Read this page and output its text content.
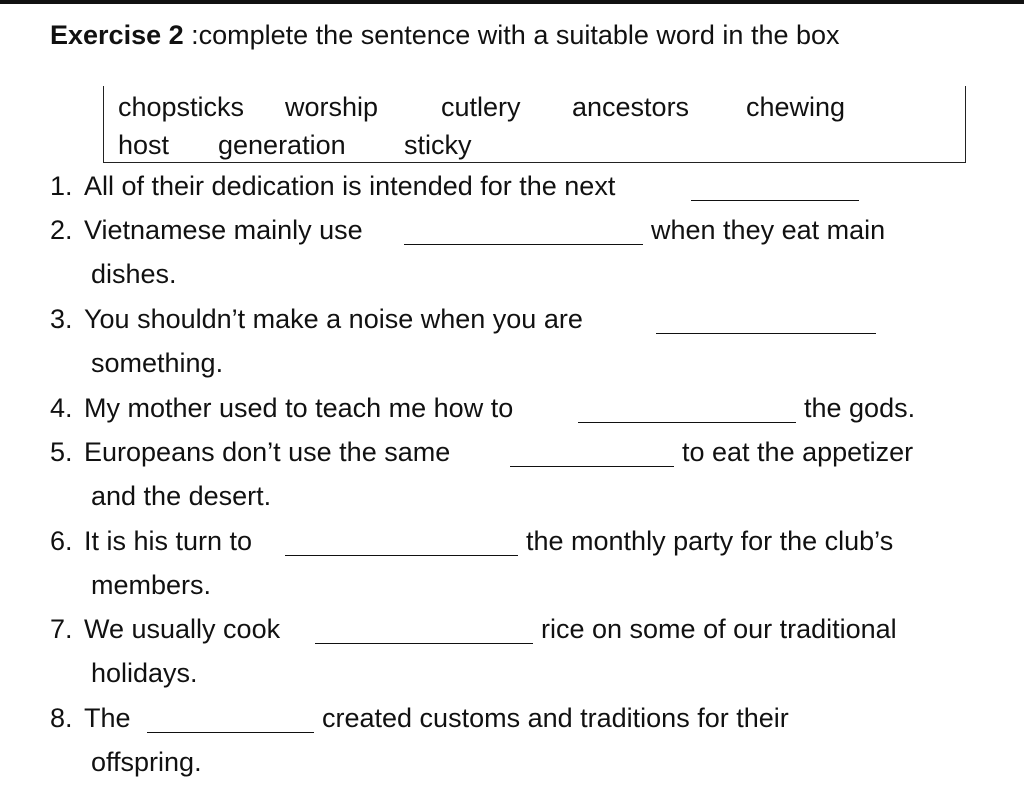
Exercise 2 :complete the sentence with a suitable word in the box
chopsticks worship cutlery ancestors chewing
host generation sticky
1. All of their dedication is intended for the next
2. Vietnamese mainly use	when they eat main
dishes.
3. You shouldn’t make a noise when you are
something.
4. My mother used to teach me how to	the gods.
5. Europeans don’t use the same	to eat the appetizer
and the desert.
6. It is his turn to	the monthly party for the club’s
members.
7. We usually cook	rice on some of our traditional
holidays.
8. The	created customs and traditions for their
offspring.
